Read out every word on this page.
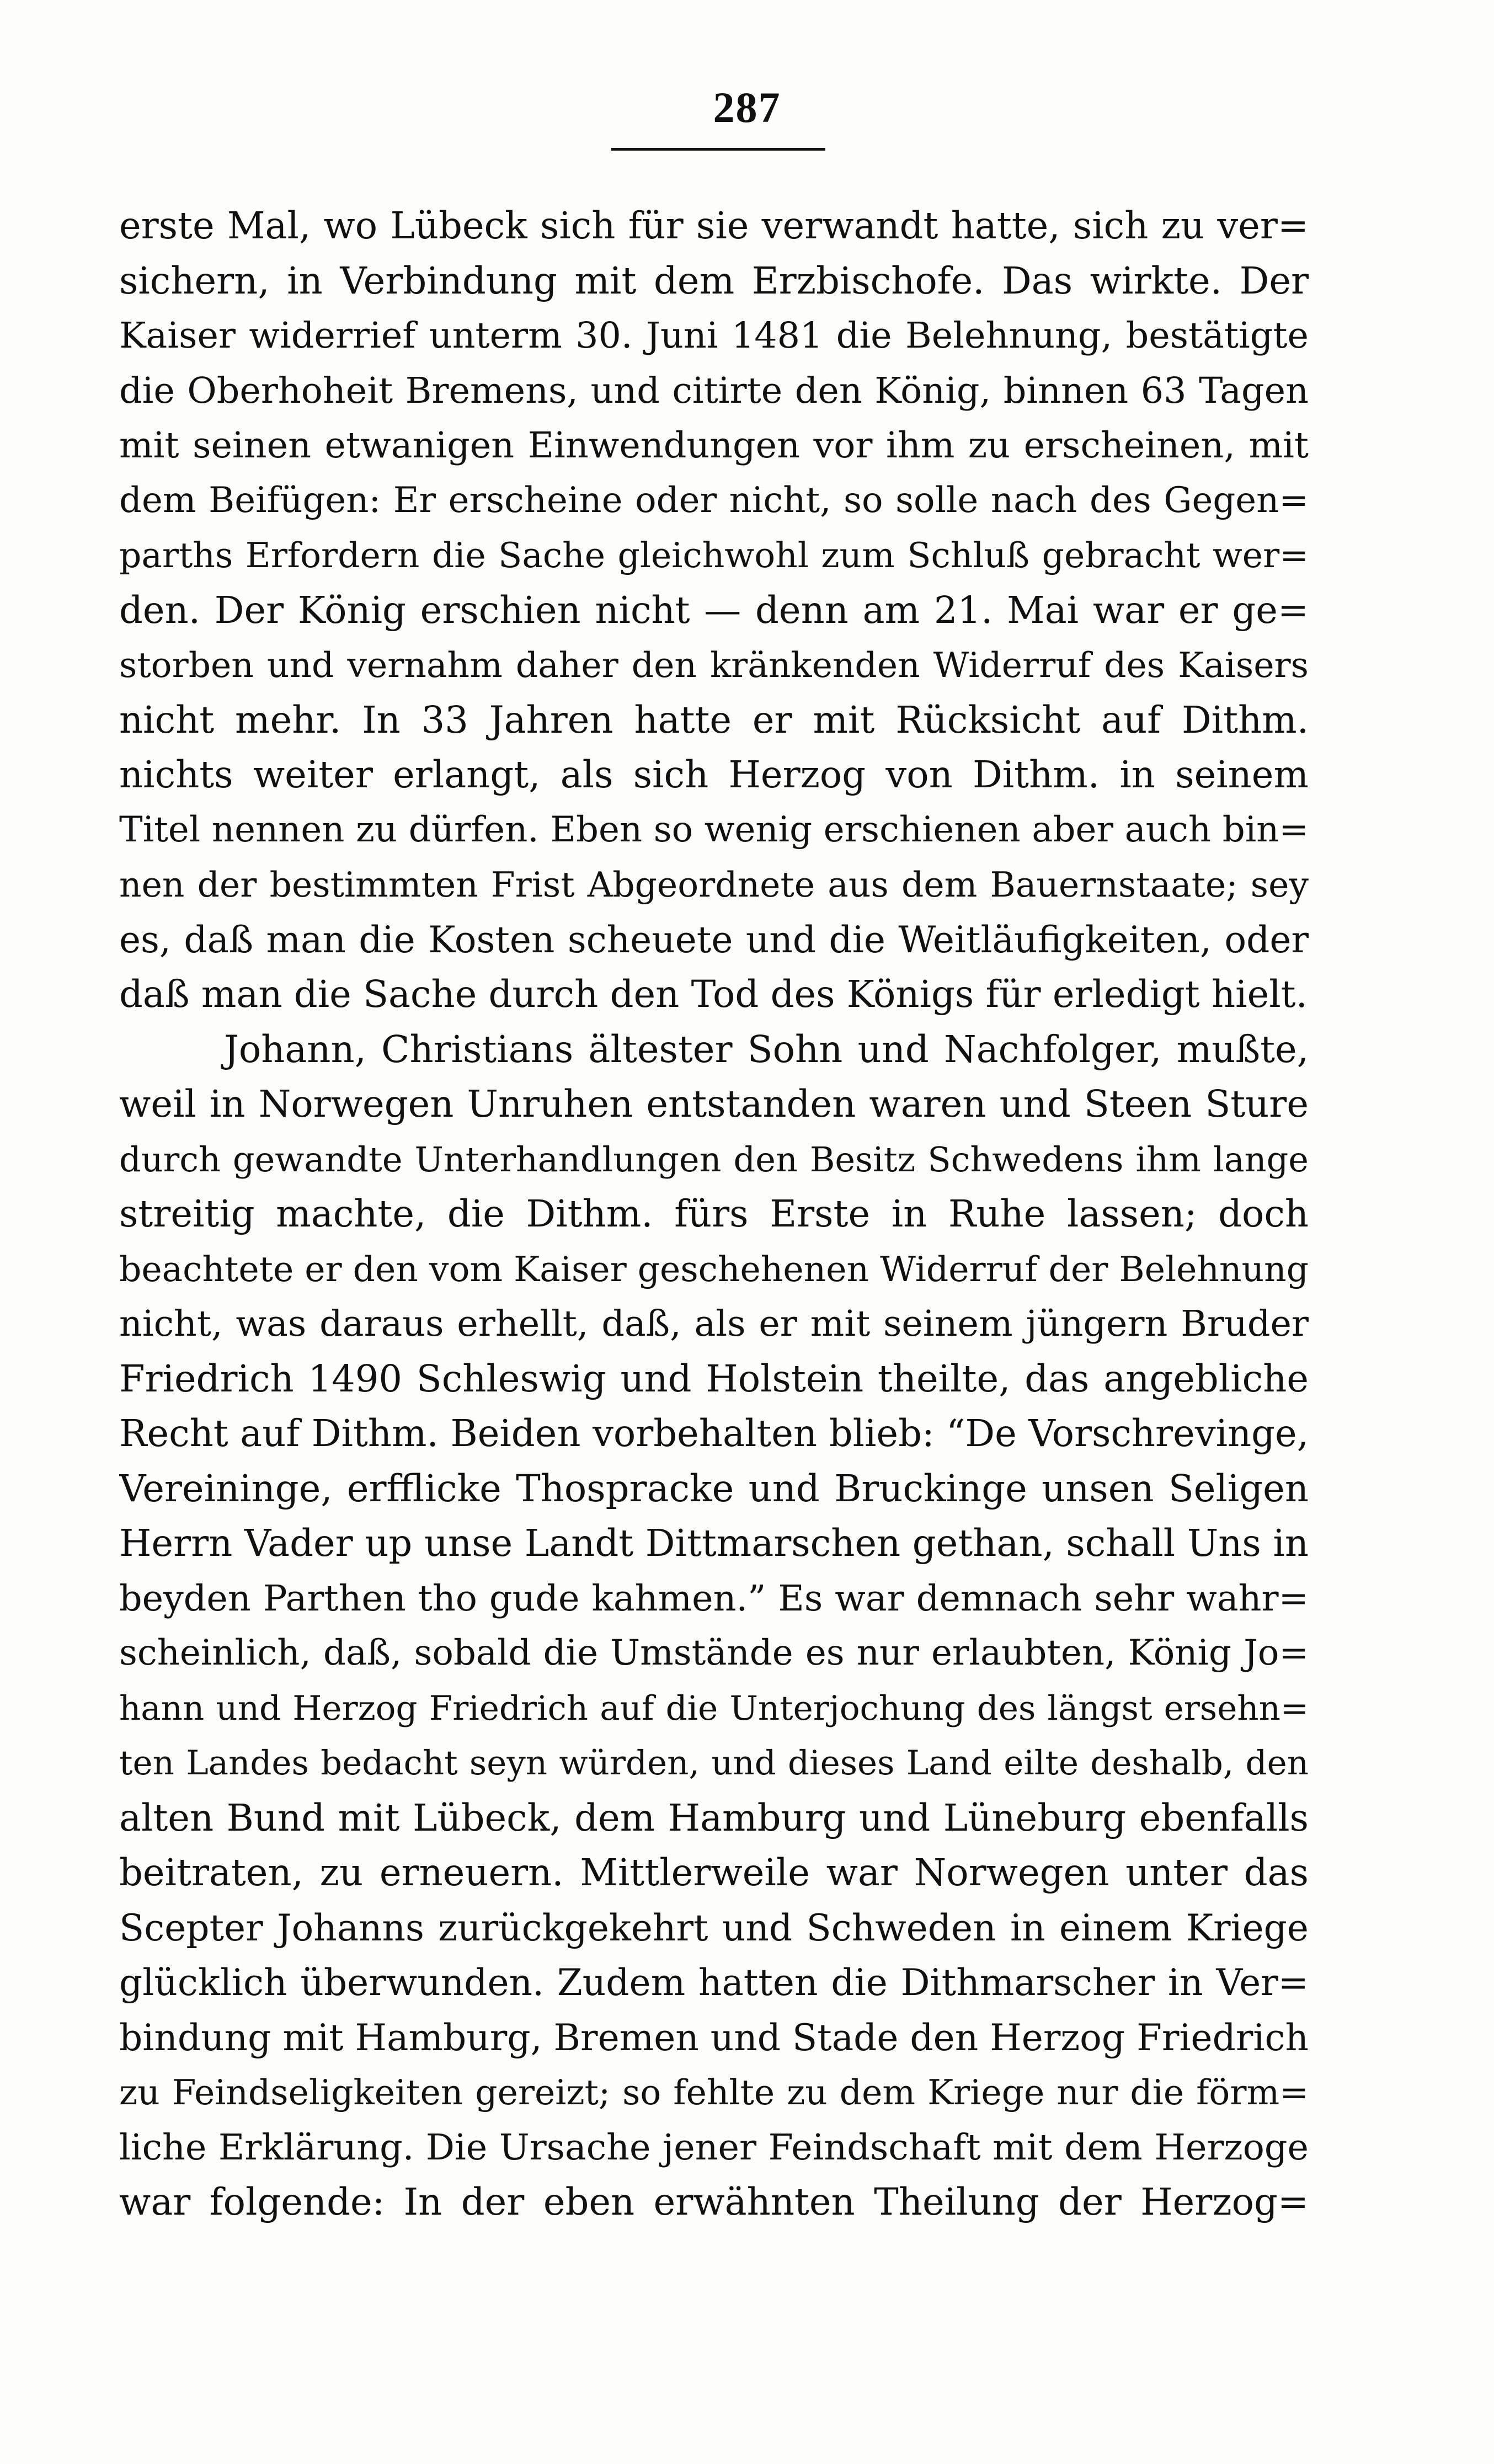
287
erste Mal, wo Lübeck sich für sie verwandt hatte, sich zu ver=
sichern, in Verbindung mit dem Erzbischofe. Das wirkte. Der
Kaiser widerrief unterm 30. Juni 1481 die Belehnung, bestätigte
die Oberhoheit Bremens, und citirte den König, binnen 63 Tagen
mit seinen etwanigen Einwendungen vor ihm zu erscheinen, mit
dem Beifügen: Er erscheine oder nicht, so solle nach des Gegen=
parths Erfordern die Sache gleichwohl zum Schluß gebracht wer=
den. Der König erschien nicht — denn am 21. Mai war er ge=
storben und vernahm daher den kränkenden Widerruf des Kaisers
nicht mehr. In 33 Jahren hatte er mit Rücksicht auf Dithm.
nichts weiter erlangt, als sich Herzog von Dithm. in seinem
Titel nennen zu dürfen. Eben so wenig erschienen aber auch bin=
nen der bestimmten Frist Abgeordnete aus dem Bauernstaate; sey
es, daß man die Kosten scheuete und die Weitläufigkeiten, oder
daß man die Sache durch den Tod des Königs für erledigt hielt.
Johann, Christians ältester Sohn und Nachfolger, mußte,
weil in Norwegen Unruhen entstanden waren und Steen Sture
durch gewandte Unterhandlungen den Besitz Schwedens ihm lange
streitig machte, die Dithm. fürs Erste in Ruhe lassen; doch
beachtete er den vom Kaiser geschehenen Widerruf der Belehnung
nicht, was daraus erhellt, daß, als er mit seinem jüngern Bruder
Friedrich 1490 Schleswig und Holstein theilte, das angebliche
Recht auf Dithm. Beiden vorbehalten blieb: “De Vorschrevinge,
Vereininge, erfflicke Thospracke und Bruckinge unsen Seligen
Herrn Vader up unse Landt Dittmarschen gethan, schall Uns in
beyden Parthen tho gude kahmen.” Es war demnach sehr wahr=
scheinlich, daß, sobald die Umstände es nur erlaubten, König Jo=
hann und Herzog Friedrich auf die Unterjochung des längst ersehn=
ten Landes bedacht seyn würden, und dieses Land eilte deshalb, den
alten Bund mit Lübeck, dem Hamburg und Lüneburg ebenfalls
beitraten, zu erneuern. Mittlerweile war Norwegen unter das
Scepter Johanns zurückgekehrt und Schweden in einem Kriege
glücklich überwunden. Zudem hatten die Dithmarscher in Ver=
bindung mit Hamburg, Bremen und Stade den Herzog Friedrich
zu Feindseligkeiten gereizt; so fehlte zu dem Kriege nur die förm=
liche Erklärung. Die Ursache jener Feindschaft mit dem Herzoge
war folgende: In der eben erwähnten Theilung der Herzog=
